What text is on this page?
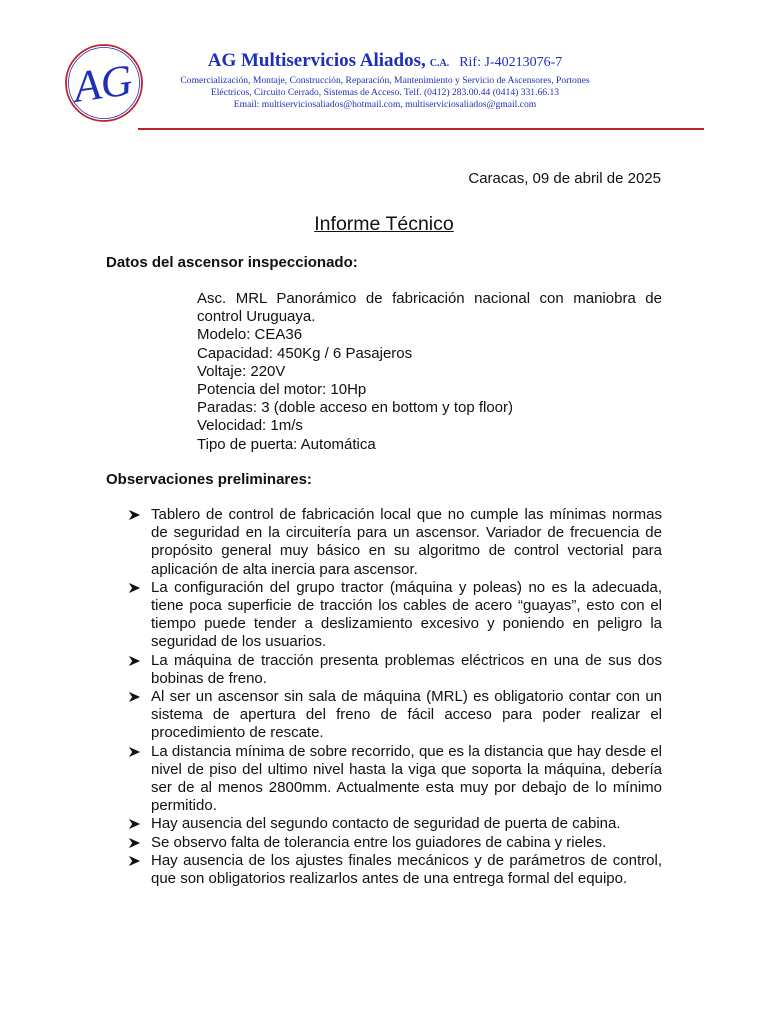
AG	AG Multiservicios Aliados, C.A. Rif: J-40213076-7
Comercialización, Montaje, Construcción, Reparación, Mantenimiento y Servicio de Ascensores, Portones
Eléctricos, Circuito Cerrado, Sistemas de Acceso. Telf. (0412) 283.00.44 (0414) 331.66.13
Email: multiserviciosaliados@hotmail.com, multiserviciosaliados@gmail.com
Caracas, 09 de abril de 2025
Informe Técnico
Datos del ascensor inspeccionado:
Asc. MRL Panorámico de fabricación nacional con maniobra de control Uruguaya.
Modelo: CEA36
Capacidad: 450Kg / 6 Pasajeros
Voltaje: 220V
Potencia del motor: 10Hp
Paradas: 3 (doble acceso en bottom y top floor)
Velocidad: 1m/s
Tipo de puerta: Automática
Observaciones preliminares:
Tablero de control de fabricación local que no cumple las mínimas normas de seguridad en la circuitería para un ascensor. Variador de frecuencia de propósito general muy básico en su algoritmo de control vectorial para aplicación de alta inercia para ascensor.
La configuración del grupo tractor (máquina y poleas) no es la adecuada, tiene poca superficie de tracción los cables de acero “guayas”, esto con el tiempo puede tender a deslizamiento excesivo y poniendo en peligro la seguridad de los usuarios.
La máquina de tracción presenta problemas eléctricos en una de sus dos bobinas de freno.
Al ser un ascensor sin sala de máquina (MRL) es obligatorio contar con un sistema de apertura del freno de fácil acceso para poder realizar el procedimiento de rescate.
La distancia mínima de sobre recorrido, que es la distancia que hay desde el nivel de piso del ultimo nivel hasta la viga que soporta la máquina, debería ser de al menos 2800mm. Actualmente esta muy por debajo de lo mínimo permitido.
Hay ausencia del segundo contacto de seguridad de puerta de cabina.
Se observo falta de tolerancia entre los guiadores de cabina y rieles.
Hay ausencia de los ajustes finales mecánicos y de parámetros de control, que son obligatorios realizarlos antes de una entrega formal del equipo.
